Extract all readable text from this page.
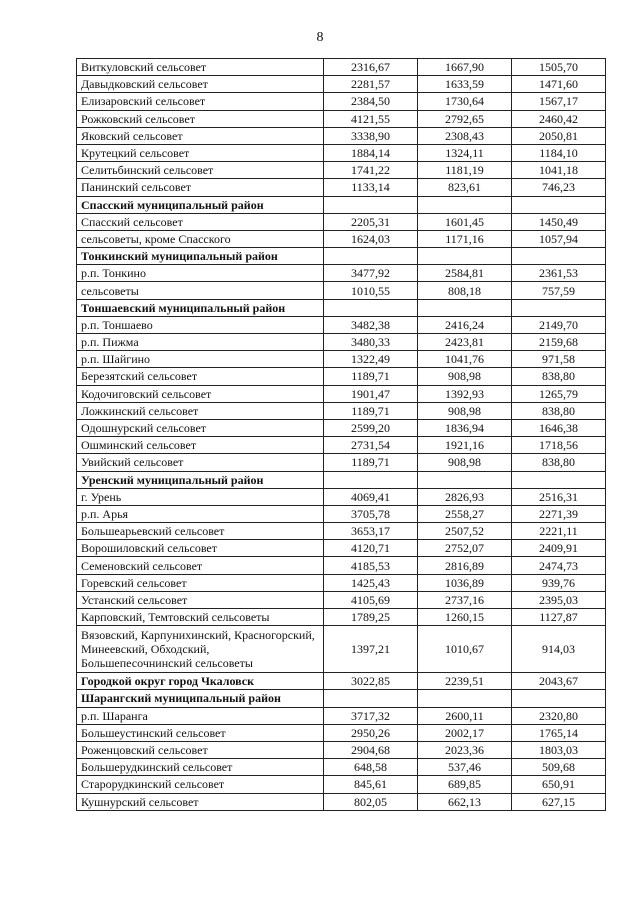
8
Виткуловский сельсовет	2316,67	1667,90	1505,70
Давыдковский сельсовет	2281,57	1633,59	1471,60
Елизаровский сельсовет	2384,50	1730,64	1567,17
Рожковский сельсовет	4121,55	2792,65	2460,42
Яковский сельсовет	3338,90	2308,43	2050,81
Крутецкий сельсовет	1884,14	1324,11	1184,10
Селитьбинский сельсовет	1741,22	1181,19	1041,18
Панинский сельсовет	1133,14	823,61	746,23
Спасский муниципальный район			
Спасский сельсовет	2205,31	1601,45	1450,49
сельсоветы, кроме Спасского	1624,03	1171,16	1057,94
Тонкинский муниципальный район			
р.п. Тонкино	3477,92	2584,81	2361,53
сельсоветы	1010,55	808,18	757,59
Тоншаевский муниципальный район			
р.п. Тоншаево	3482,38	2416,24	2149,70
р.п. Пижма	3480,33	2423,81	2159,68
р.п. Шайгино	1322,49	1041,76	971,58
Березятский сельсовет	1189,71	908,98	838,80
Кодочиговский сельсовет	1901,47	1392,93	1265,79
Ложкинский сельсовет	1189,71	908,98	838,80
Одошнурский сельсовет	2599,20	1836,94	1646,38
Ошминский сельсовет	2731,54	1921,16	1718,56
Увийский сельсовет	1189,71	908,98	838,80
Уренский муниципальный район			
г. Урень	4069,41	2826,93	2516,31
р.п. Арья	3705,78	2558,27	2271,39
Большеарьевский сельсовет	3653,17	2507,52	2221,11
Ворошиловский сельсовет	4120,71	2752,07	2409,91
Семеновский сельсовет	4185,53	2816,89	2474,73
Горевский сельсовет	1425,43	1036,89	939,76
Устанский сельсовет	4105,69	2737,16	2395,03
Карповский, Темтовский сельсоветы	1789,25	1260,15	1127,87
Вязовский, Карпунихинский, Красногорский, Минеевский, Обходский, Большепесочнинский сельсоветы	1397,21	1010,67	914,03
Городкой округ город Чкаловск	3022,85	2239,51	2043,67
Шарангский муниципальный район			
р.п. Шаранга	3717,32	2600,11	2320,80
Большеустинский сельсовет	2950,26	2002,17	1765,14
Роженцовский сельсовет	2904,68	2023,36	1803,03
Большерудкинский сельсовет	648,58	537,46	509,68
Старорудкинский сельсовет	845,61	689,85	650,91
Кушнурский сельсовет	802,05	662,13	627,15
